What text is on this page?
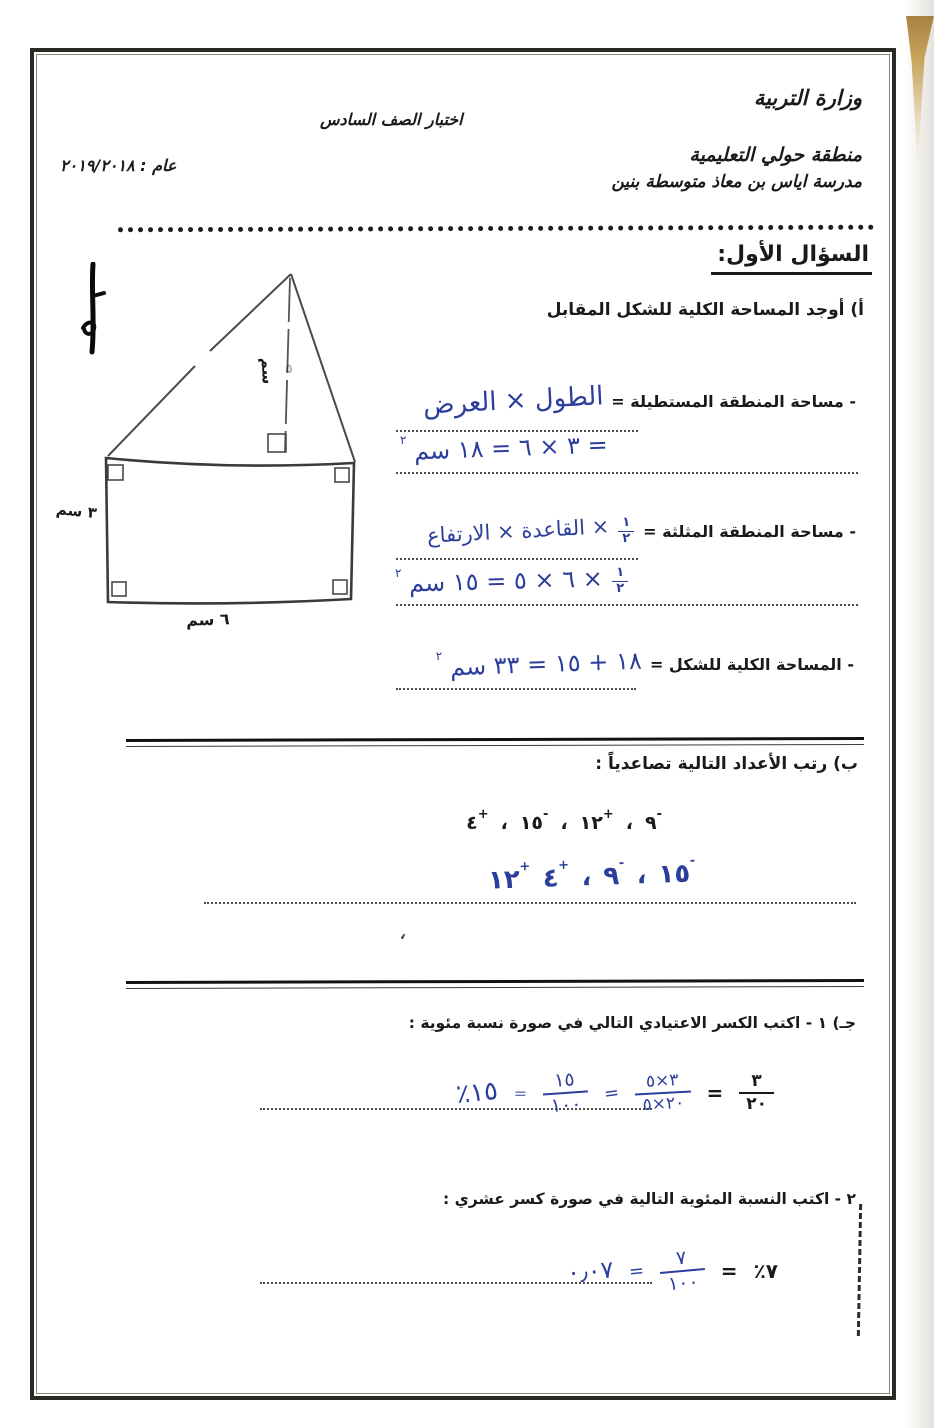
وزارة التربية
اختبار الصف السادس
منطقة حولي التعليمية
مدرسة اياس بن معاذ متوسطة بنين
عام : ٢٠١٩/٢٠١٨
السؤال الأول:
أ) أوجد المساحة الكلية للشكل المقابل
٦ سم
٣ سم
سم ٥
- مساحة المنطقة المستطيلة =
الطول × العرض
= ٣ × ٦ = ١٨ سم
٢
- مساحة المنطقة المثلثة =
$\frac{١}{٢}$
× القاعدة × الارتفاع
$\frac{١}{٢}$
× ٦ × ٥ = ١٥ سم
٢
- المساحة الكلية للشكل =
١٨ + ١٥ = ٣٣ سم
٢
ب) رتب الأعداد التالية تصاعدياً :
٩ -
،
١٢ +
،
١٥ -
،
٤ +
١٥
-
،
٩
-
،
٤
+
١٢
+
،
جـ) ١ - اكتب الكسر الاعتيادي التالي في صورة نسبة مئوية :
$\frac{٣}{٢٠}$
=
$\frac{٣\times ٥}{٢٠\times ٥}$
=
$\frac{١٥}{١٠٠}$
=
١٥
٪
٢ - اكتب النسبة المئوية التالية في صورة كسر عشري :
٧
٪
=
$\frac{٧}{١٠٠}$
=
٠٫٠٧
